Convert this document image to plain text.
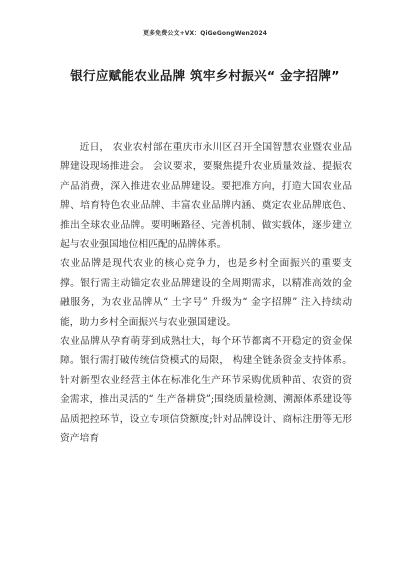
更多免费公文+VX：QiGeGongWen2024
银行应赋能农业品牌 筑牢乡村振兴“ 金字招牌”

近日， 农业农村部在重庆市永川区召开全国智慧农业暨农业品牌建设现场推进会。 会议要求，要聚焦提升农业质量效益、提振农产品消费，深入推进农业品牌建设。要把准方向，打造大国农业品牌、培育特色农业品牌、丰富农业品牌内涵、奠定农业品牌底色、推出全球农业品牌。要明晰路径、完善机制、做实载体，逐步建立起与农业强国地位相匹配的品牌体系。

农业品牌是现代农业的核心竞争力，也是乡村全面振兴的重要支撑。银行需主动锚定农业品牌建设的全周期需求，以精准高效的金融服务，为农业品牌从“ 土字号” 升级为“ 金字招牌” 注入持续动能，助力乡村全面振兴与农业强国建设。

农业品牌从孕育萌芽到成熟壮大，每个环节都离不开稳定的资金保障。银行需打破传统信贷模式的局限， 构建全链条资金支持体系。 针对新型农业经营主体在标准化生产环节采购优质种苗、农资的资金需求，推出灵活的“ 生产备耕贷”;围绕质量检测、溯源体系建设等品质把控环节，设立专项信贷额度;针对品牌设计、商标注册等无形资产培育
